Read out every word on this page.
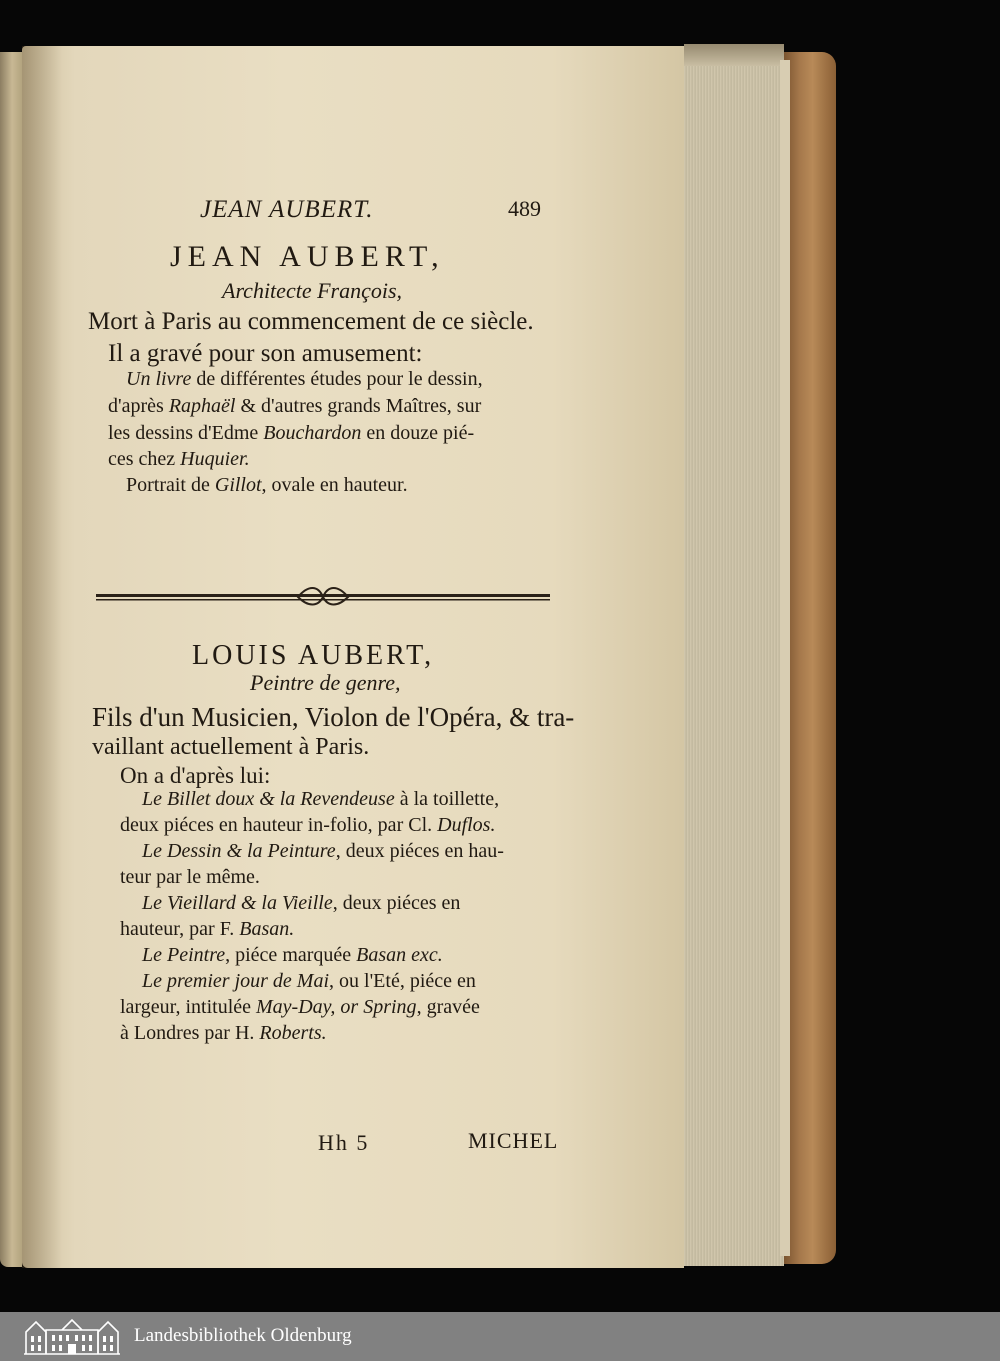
JEAN AUBERT.	489
JEAN AUBERT,
Architecte François,
Mort à Paris au commencement de ce siècle.
Il a gravé pour son amusement:
Un livre de différentes études pour le dessin,
d'après Raphaël & d'autres grands Maîtres, sur
les dessins d'Edme Bouchardon en douze pié-
ces chez Huquier.
Portrait de Gillot, ovale en hauteur.
LOUIS AUBERT,
Peintre de genre,
Fils d'un Musicien, Violon de l'Opéra, & tra-
vaillant actuellement à Paris.
On a d'après lui:
Le Billet doux & la Revendeuse à la toillette,
deux piéces en hauteur in-folio, par Cl. Duflos.
Le Dessin & la Peinture, deux piéces en hau-
teur par le même.
Le Vieillard & la Vieille, deux piéces en
hauteur, par F. Basan.
Le Peintre, piéce marquée Basan exc.
Le premier jour de Mai, ou l'Eté, piéce en
largeur, intitulée May-Day, or Spring, gravée
à Londres par H. Roberts.
Hh 5	MICHEL
Landesbibliothek Oldenburg
